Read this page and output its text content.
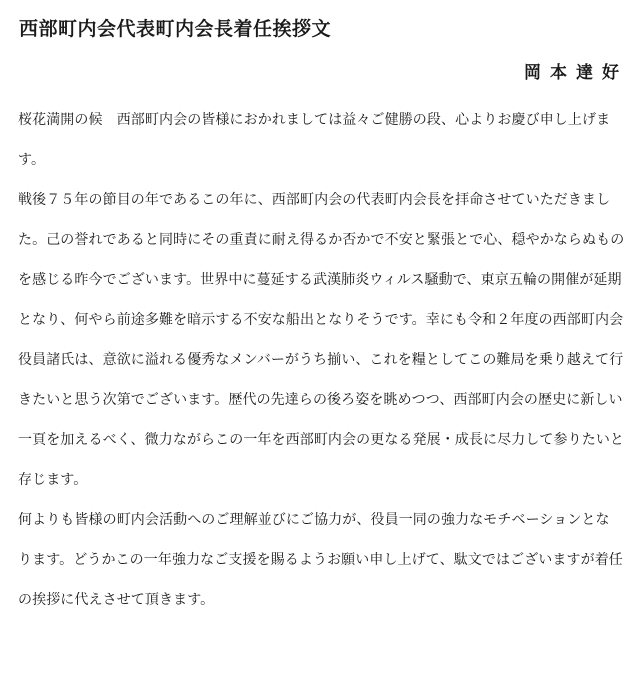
西部町内会代表町内会長着任挨拶文
岡本達好
桜花満開の候　西部町内会の皆様におかれましては益々ご健勝の段、心よりお慶び申し上げま
す。
戦後７５年の節目の年であるこの年に、西部町内会の代表町内会長を拝命させていただきまし
た。己の誉れであると同時にその重責に耐え得るか否かで不安と緊張とで心、穏やかならぬもの
を感じる昨今でございます。世界中に蔓延する武漢肺炎ウィルス騒動で、東京五輪の開催が延期
となり、何やら前途多難を暗示する不安な船出となりそうです。幸にも令和２年度の西部町内会
役員諸氏は、意欲に溢れる優秀なメンバーがうち揃い、これを糧としてこの難局を乗り越えて行
きたいと思う次第でございます。歴代の先達らの後ろ姿を眺めつつ、西部町内会の歴史に新しい
一頁を加えるべく、微力ながらこの一年を西部町内会の更なる発展・成長に尽力して参りたいと
存じます。
何よりも皆様の町内会活動へのご理解並びにご協力が、役員一同の強力なモチベーションとな
ります。どうかこの一年強力なご支援を賜るようお願い申し上げて、駄文ではございますが着任
の挨拶に代えさせて頂きます。
